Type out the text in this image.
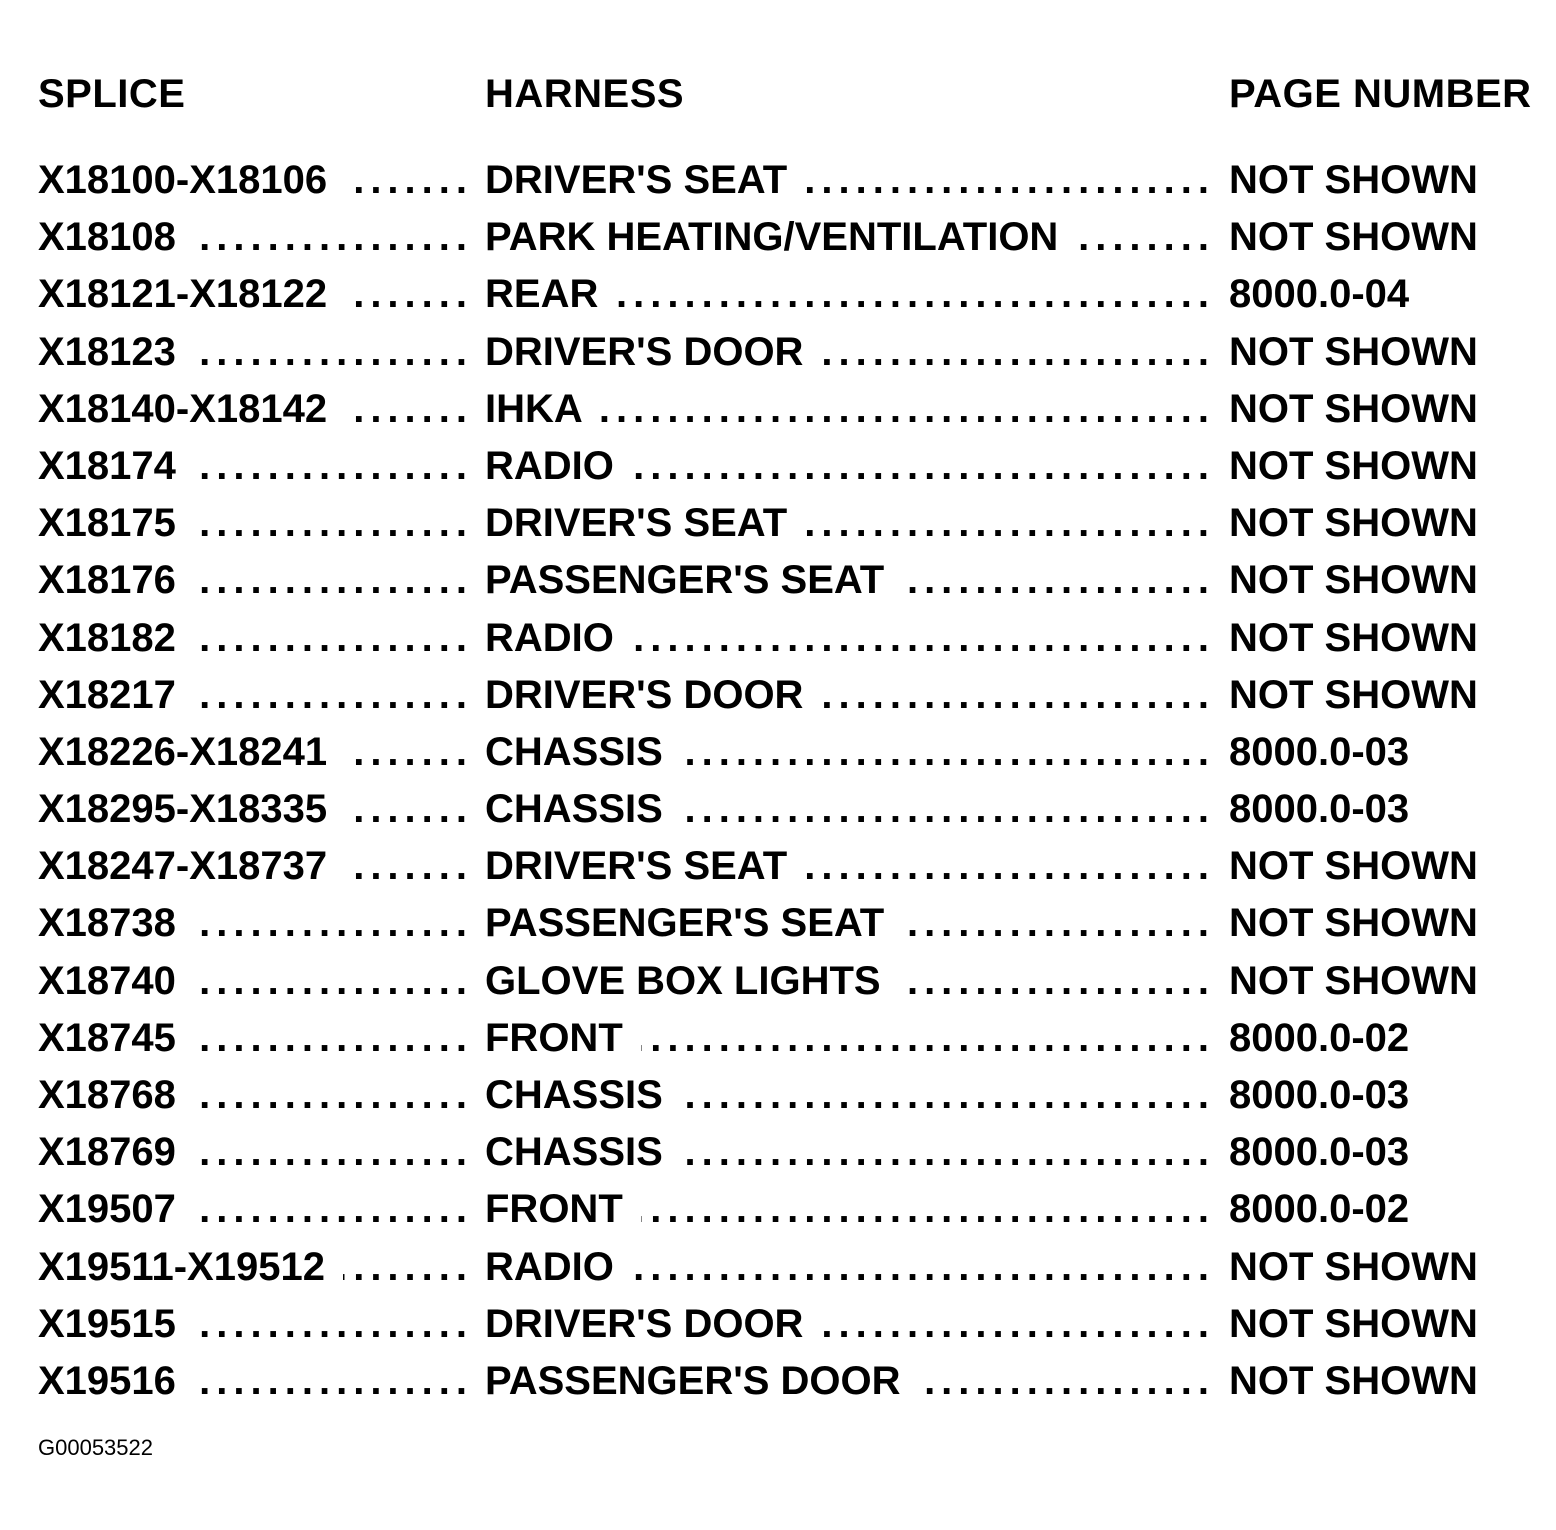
SPLICE	HARNESS	PAGE NUMBER
X18100-X18106 .....	DRIVER'S SEAT .....	NOT SHOWN
X18108 .....	PARK HEATING/VENTILATION .....	NOT SHOWN
X18121-X18122 .....	REAR .....	8000.0-04
X18123 .....	DRIVER'S DOOR .....	NOT SHOWN
X18140-X18142 .....	IHKA .....	NOT SHOWN
X18174 .....	RADIO .....	NOT SHOWN
X18175 .....	DRIVER'S SEAT .....	NOT SHOWN
X18176 .....	PASSENGER'S SEAT .....	NOT SHOWN
X18182 .....	RADIO .....	NOT SHOWN
X18217 .....	DRIVER'S DOOR .....	NOT SHOWN
X18226-X18241 .....	CHASSIS .....	8000.0-03
X18295-X18335 .....	CHASSIS .....	8000.0-03
X18247-X18737 .....	DRIVER'S SEAT .....	NOT SHOWN
X18738 .....	PASSENGER'S SEAT .....	NOT SHOWN
X18740 .....	GLOVE BOX LIGHTS .....	NOT SHOWN
X18745 .....	FRONT .....	8000.0-02
X18768 .....	CHASSIS .....	8000.0-03
X18769 .....	CHASSIS .....	8000.0-03
X19507 .....	FRONT .....	8000.0-02
X19511-X19512 .....	RADIO .....	NOT SHOWN
X19515 .....	DRIVER'S DOOR .....	NOT SHOWN
X19516 .....	PASSENGER'S DOOR .....	NOT SHOWN
G00053522
